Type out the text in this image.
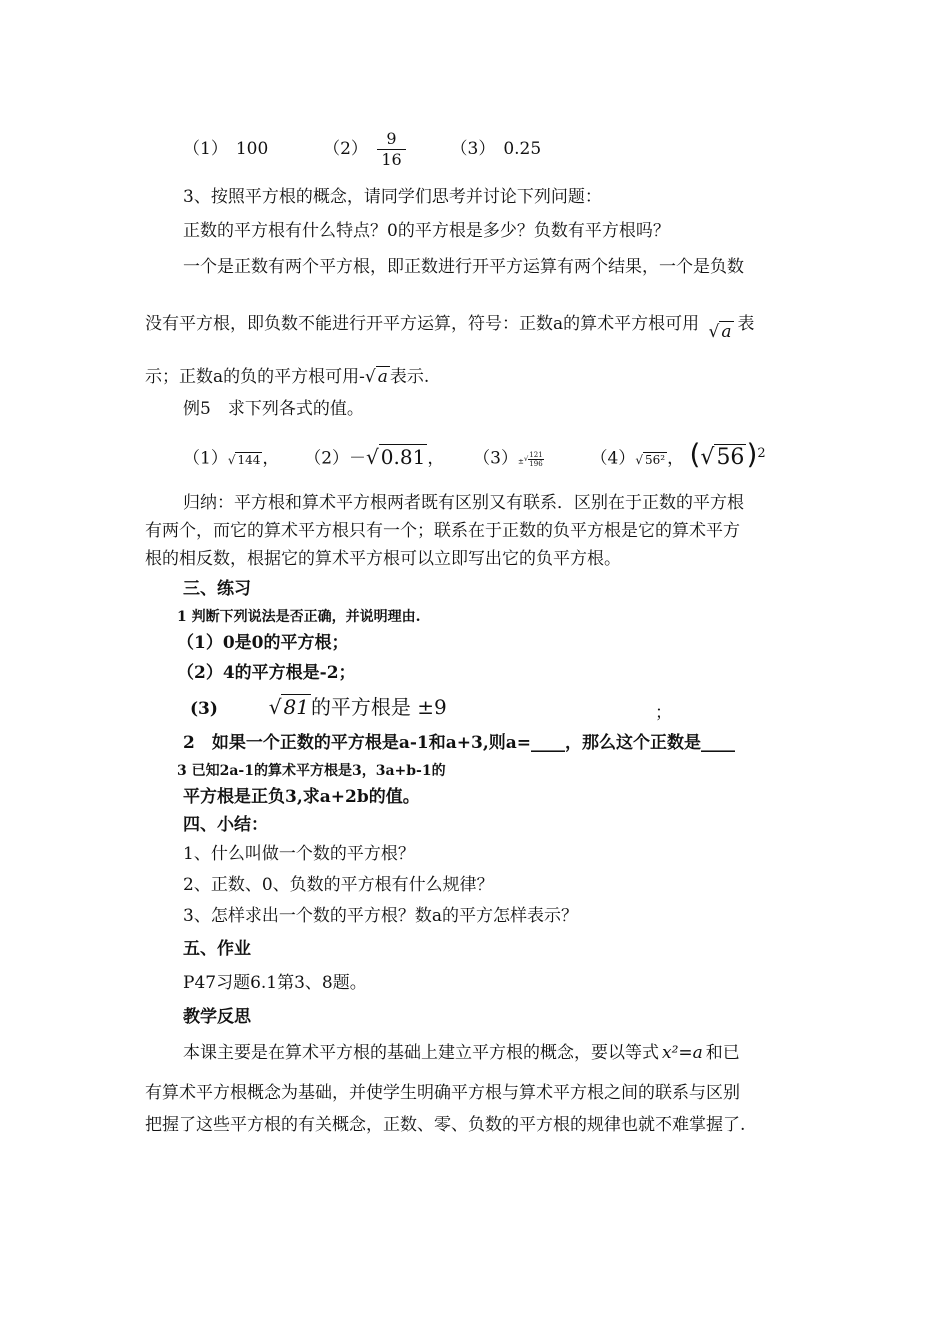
（1） 100	$(2) \frac{9}{16}$	（3） 0.25
3、按照平方根的概念，请同学们思考并讨论下列问题：
正数的平方根有什么特点？0的平方根是多少？负数有平方根吗？
一个是正数有两个平方根，即正数进行开平方运算有两个结果，一个是负数
没有平方根，即负数不能进行开平方运算，符号：正数a的算术平方根可用 √ a 表
示；正数a的负的平方根可用-√ a 表示.
例5　求下列各式的值。
（1）√ 144 ， （2）－√ 0.81 ， $(3)\pm√ \frac{121}{196}$	（4）√ 56² ， $(√56)^2$
归纳：平方根和算术平方根两者既有区别又有联系．区别在于正数的平方根
有两个，而它的算术平方根只有一个；联系在于正数的负平方根是它的算术平方
根的相反数，根据它的算术平方根可以立即写出它的负平方根。
三、练习
1 判断下列说法是否正确，并说明理由.
（1）0是0的平方根；
（2）4的平方根是-2；
(3)	√ 81 的平方根是 ±9	；
2　如果一个正数的平方根是a-1和a+3,则a=____，那么这个正数是____
3 已知2a-1的算术平方根是3，3a+b-1的
平方根是正负3,求a+2b的值。
四、小结：
1、什么叫做一个数的平方根？
2、正数、0、负数的平方根有什么规律？
3、怎样求出一个数的平方根？数a的平方怎样表示？
五、作业
P47习题6.1第3、8题。
教学反思
本课主要是在算术平方根的基础上建立平方根的概念，要以等式 x²=a 和已
有算术平方根概念为基础，并使学生明确平方根与算术平方根之间的联系与区别
把握了这些平方根的有关概念，正数、零、负数的平方根的规律也就不难掌握了.
